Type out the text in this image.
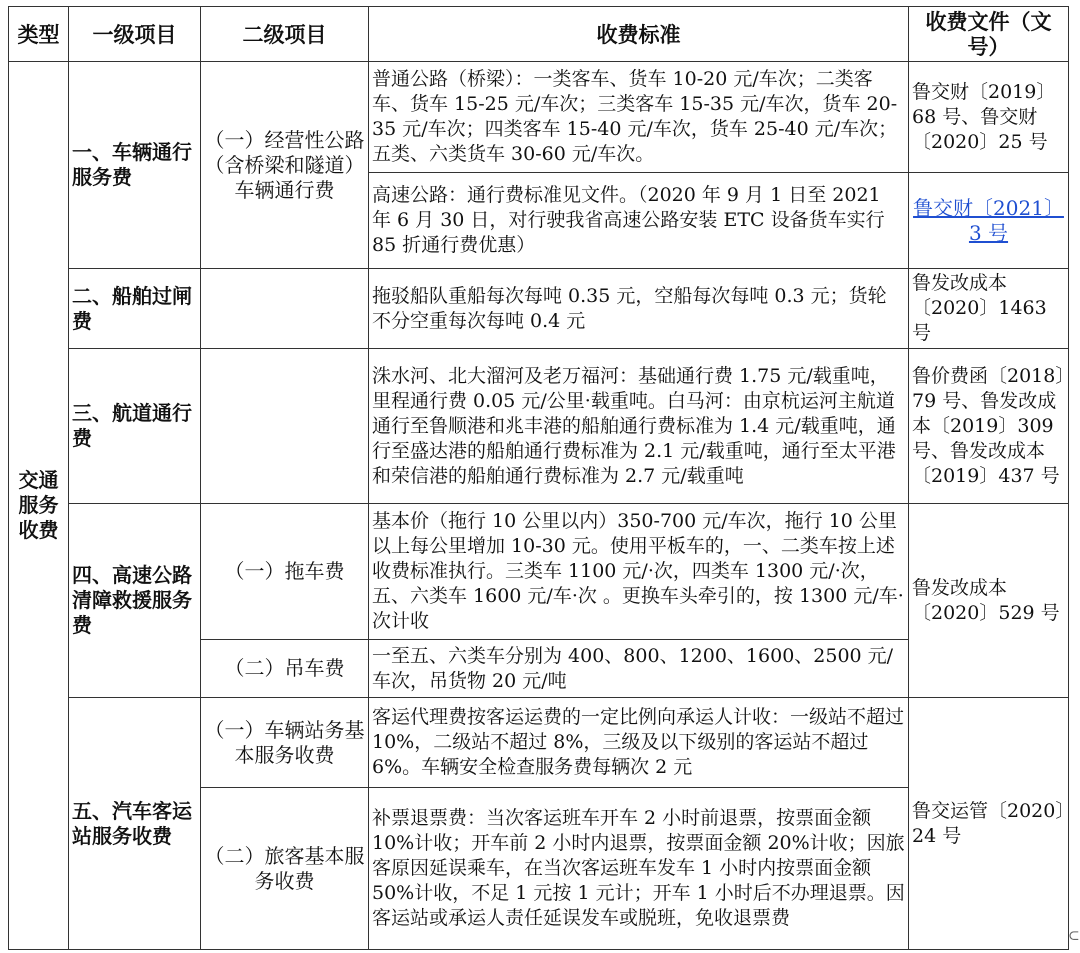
类型	一级项目	二级项目	收费标准	收费文件（文号）
交通服务收费	一、车辆通行服务费	（一）经营性公路（含桥梁和隧道）车辆通行费	普通公路（桥梁）：一类客车、货车 10-20 元/车次；二类客车、货车 15-25 元/车次；三类客车 15-35 元/车次，货车 20-35 元/车次；四类客车 15-40 元/车次，货车 25-40 元/车次；五类、六类货车 30-60 元/车次。	鲁交财〔2019〕68 号、鲁交财〔2020〕25 号
			高速公路：通行费标准见文件。（2020 年 9 月 1 日至 2021 年 6 月 30 日，对行驶我省高速公路安装 ETC 设备货车实行 85 折通行费优惠）	鲁交财〔2021〕3 号
	二、船舶过闸费		拖驳船队重船每次每吨 0.35 元，空船每次每吨 0.3 元；货轮不分空重每次每吨 0.4 元	鲁发改成本〔2020〕1463 号
	三、航道通行费		洙水河、北大溜河及老万福河：基础通行费 1.75 元/载重吨，里程通行费 0.05 元/公里·载重吨。白马河：由京杭运河主航道通行至鲁顺港和兆丰港的船舶通行费标准为 1.4 元/载重吨，通行至盛达港的船舶通行费标准为 2.1 元/载重吨，通行至太平港和荣信港的船舶通行费标准为 2.7 元/载重吨	鲁价费函〔2018〕79 号、鲁发改成本〔2019〕309 号、鲁发改成本〔2019〕437 号
	四、高速公路清障救援服务费	（一）拖车费	基本价（拖行 10 公里以内）350-700 元/车次，拖行 10 公里以上每公里增加 10-30 元。使用平板车的，一、二类车按上述收费标准执行。三类车 1100 元/·次，四类车 1300 元/·次，五、六类车 1600 元/车·次 。更换车头牵引的，按 1300 元/车·次计收	鲁发改成本〔2020〕529 号
		（二）吊车费	一至五、六类车分别为 400、800、1200、1600、2500 元/车次，吊货物 20 元/吨	
	五、汽车客运站服务收费	（一）车辆站务基本服务收费	客运代理费按客运运费的一定比例向承运人计收：一级站不超过 10%，二级站不超过 8%，三级及以下级别的客运站不超过 6%。车辆安全检查服务费每辆次 2 元	鲁交运管〔2020〕24 号
		（二）旅客基本服务收费	补票退票费：当次客运班车开车 2 小时前退票，按票面金额 10%计收；开车前 2 小时内退票，按票面金额 20%计收；因旅客原因延误乘车，在当次客运班车发车 1 小时内按票面金额 50%计收，不足 1 元按 1 元计；开车 1 小时后不办理退票。因客运站或承运人责任延误发车或脱班，免收退票费	
⊂
